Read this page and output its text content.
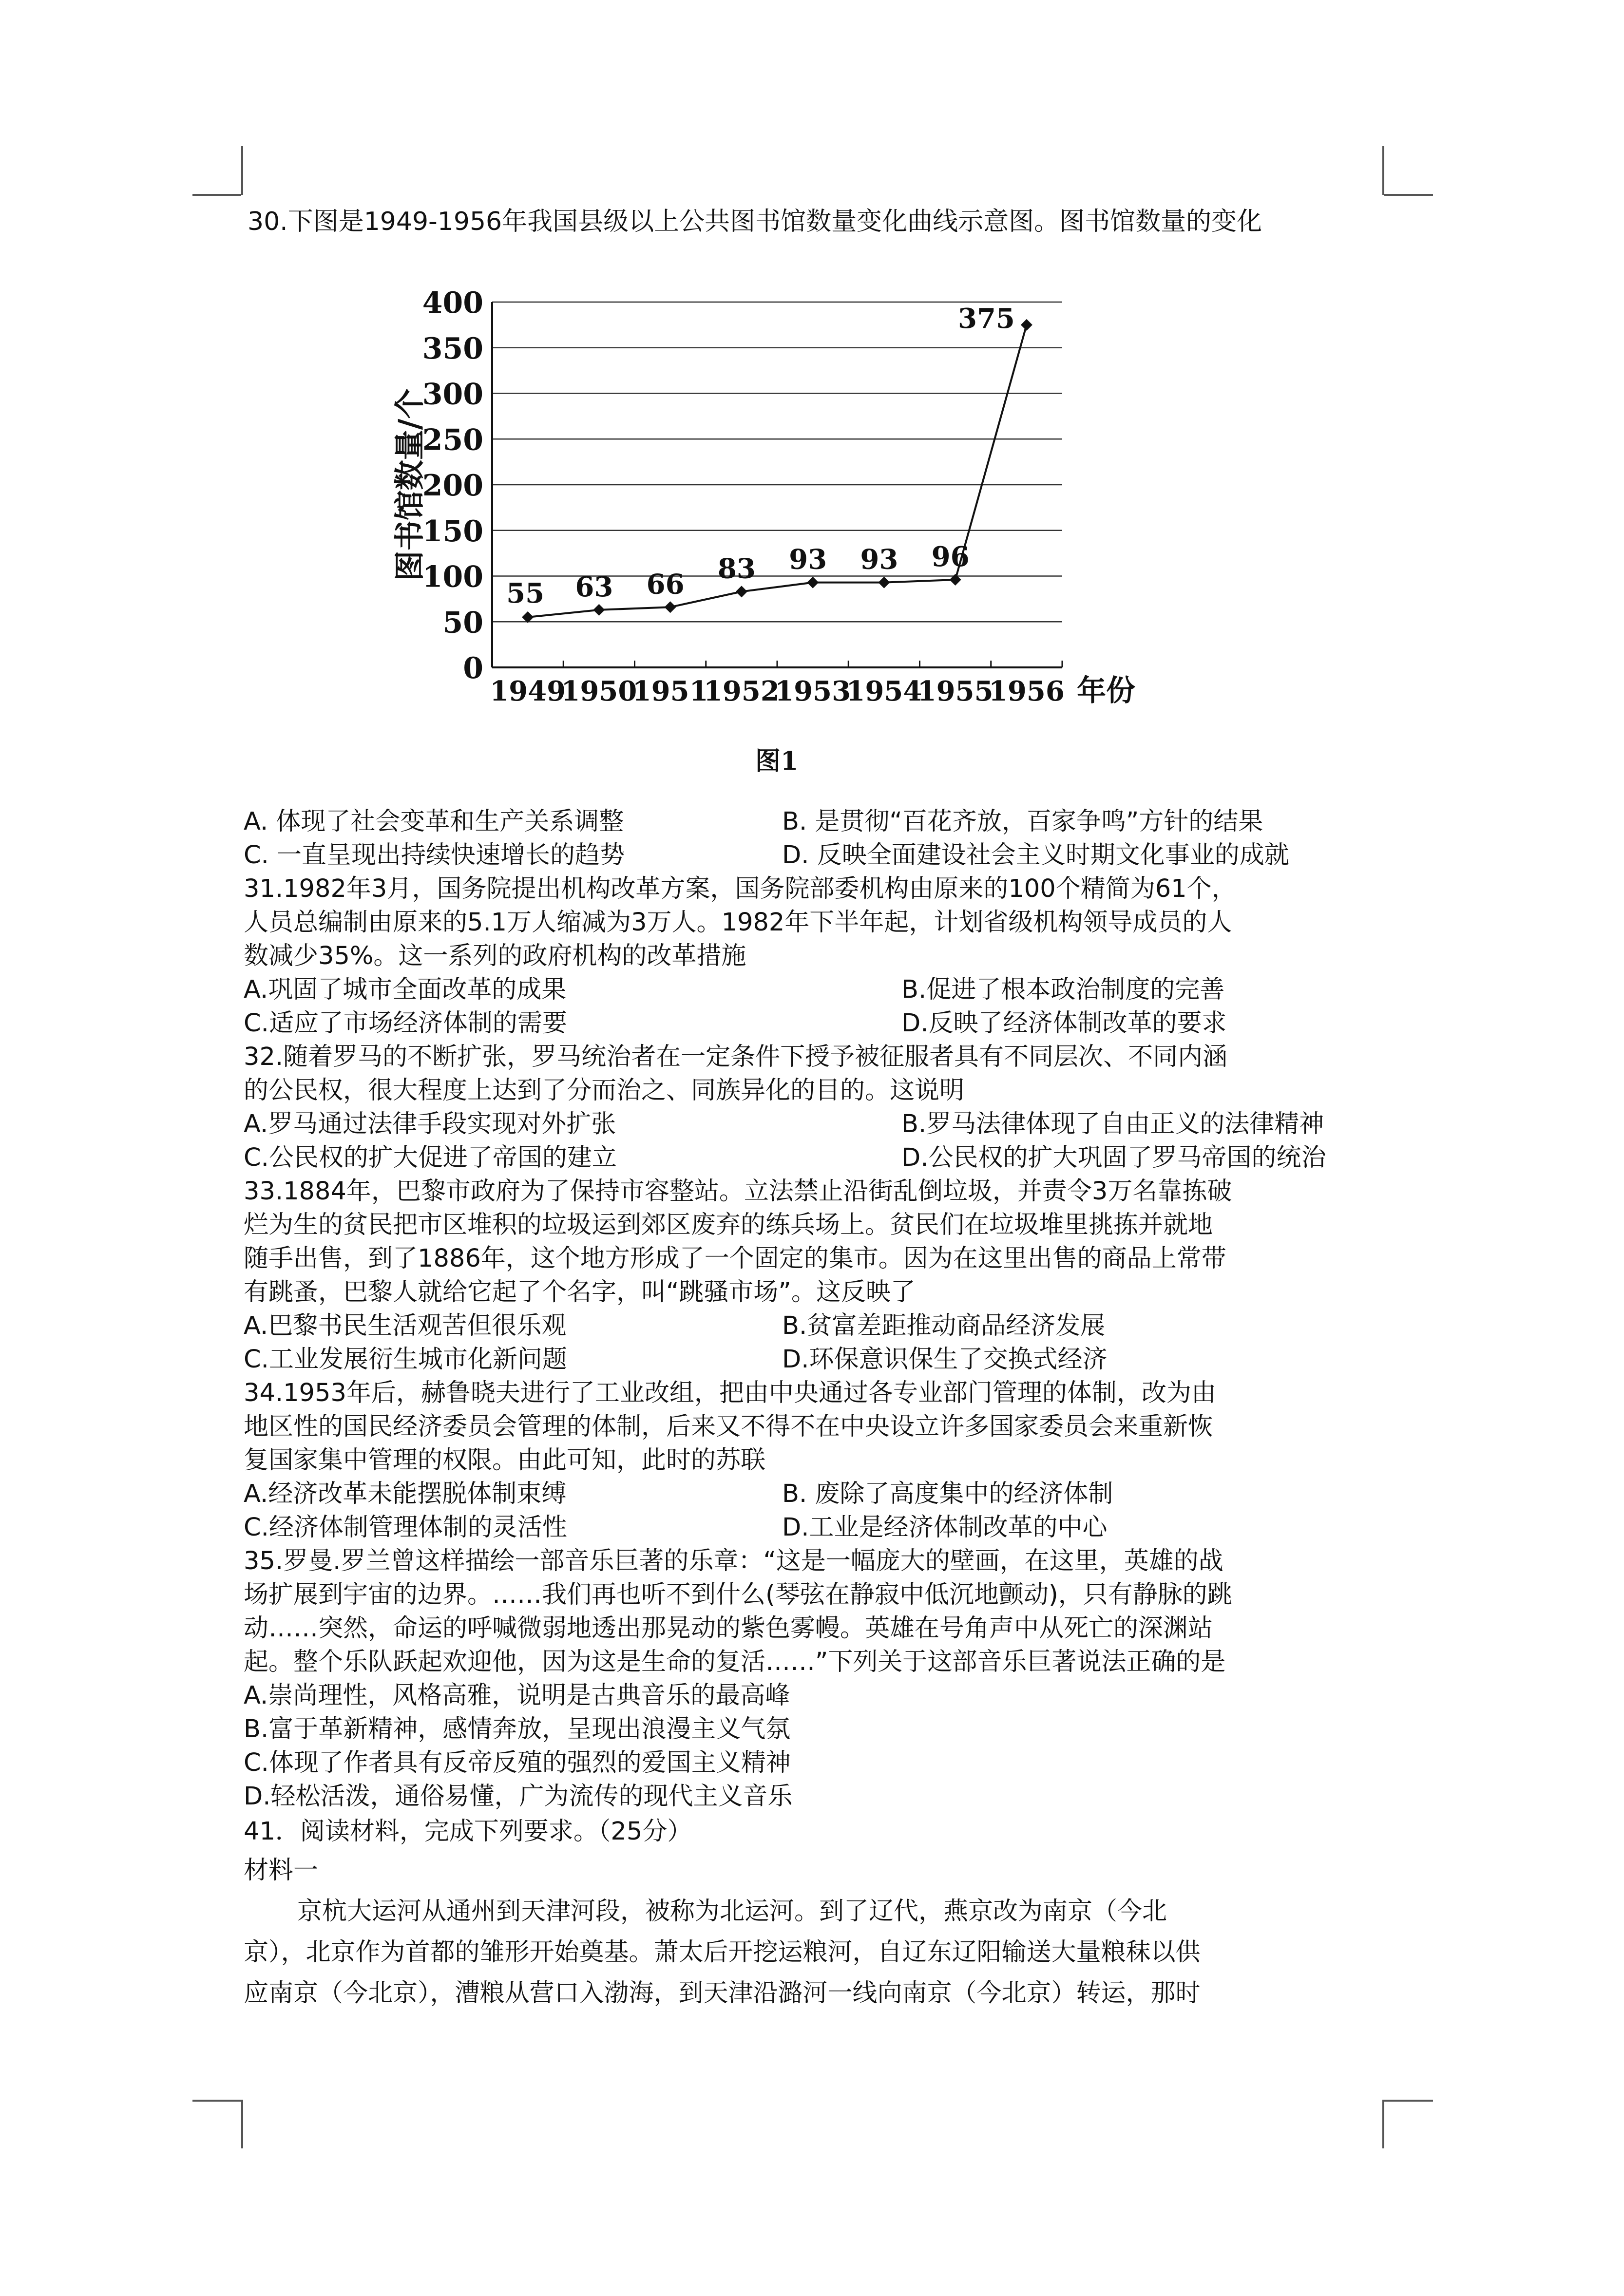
30.下图是1949-1956年我国县级以上公共图书馆数量变化曲线示意图。图书馆数量的变化
0
50
100
150
200
250
300
350
400
1949
1950
1951
1952
1953
1954
1955
1956
55 63 66 83 93 93 96
375
年份
图书馆数量/个
图1
A. 体现了社会变革和生产关系调整	B. 是贯彻“百花齐放，百家争鸣”方针的结果
C. 一直呈现出持续快速增长的趋势	D. 反映全面建设社会主义时期文化事业的成就
31.1982年3月，国务院提出机构改革方案，国务院部委机构由原来的100个精简为61个，
人员总编制由原来的5.1万人缩减为3万人。1982年下半年起，计划省级机构领导成员的人
数减少35%。这一系列的政府机构的改革措施
A.巩固了城市全面改革的成果	B.促进了根本政治制度的完善
C.适应了市场经济体制的需要	D.反映了经济体制改革的要求
32.随着罗马的不断扩张，罗马统治者在一定条件下授予被征服者具有不同层次、不同内涵
的公民权，很大程度上达到了分而治之、同族异化的目的。这说明
A.罗马通过法律手段实现对外扩张	B.罗马法律体现了自由正义的法律精神
C.公民权的扩大促进了帝国的建立	D.公民权的扩大巩固了罗马帝国的统治
33.1884年，巴黎市政府为了保持市容整站。立法禁止沿街乱倒垃圾，并责令3万名靠拣破
烂为生的贫民把市区堆积的垃圾运到郊区废弃的练兵场上。贫民们在垃圾堆里挑拣并就地
随手出售，到了1886年，这个地方形成了一个固定的集市。因为在这里出售的商品上常带
有跳蚤，巴黎人就给它起了个名字，叫“跳骚市场”。这反映了
A.巴黎书民生活观苦但很乐观	B.贫富差距推动商品经济发展
C.工业发展衍生城市化新问题	D.环保意识保生了交换式经济
34.1953年后，赫鲁晓夫进行了工业改组，把由中央通过各专业部门管理的体制，改为由
地区性的国民经济委员会管理的体制，后来又不得不在中央设立许多国家委员会来重新恢
复国家集中管理的权限。由此可知，此时的苏联
A.经济改革未能摆脱体制束缚	B. 废除了高度集中的经济体制
C.经济体制管理体制的灵活性	D.工业是经济体制改革的中心
35.罗曼.罗兰曾这样描绘一部音乐巨著的乐章：“这是一幅庞大的壁画，在这里，英雄的战
场扩展到宇宙的边界。……我们再也听不到什么(琴弦在静寂中低沉地颤动)，只有静脉的跳
动……突然，命运的呼喊微弱地透出那晃动的紫色雾幔。英雄在号角声中从死亡的深渊站
起。整个乐队跃起欢迎他，因为这是生命的复活……”下列关于这部音乐巨著说法正确的是
A.崇尚理性，风格高雅，说明是古典音乐的最高峰
B.富于革新精神，感情奔放，呈现出浪漫主义气氛
C.体现了作者具有反帝反殖的强烈的爱国主义精神
D.轻松活泼，通俗易懂，广为流传的现代主义音乐
41．阅读材料，完成下列要求。（25分）
材料一
京杭大运河从通州到天津河段，被称为北运河。到了辽代，燕京改为南京（今北
京），北京作为首都的雏形开始奠基。萧太后开挖运粮河，自辽东辽阳输送大量粮秣以供
应南京（今北京），漕粮从营口入渤海，到天津沿潞河一线向南京（今北京）转运，那时
